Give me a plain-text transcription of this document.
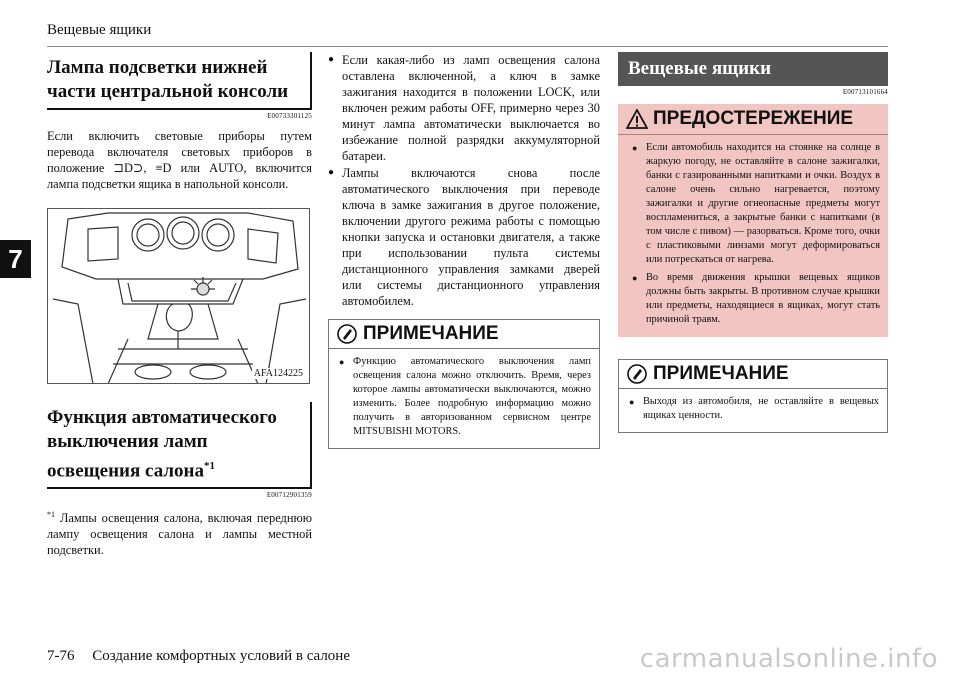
Вещевые ящики
7
Лампа подсветки нижней части центральной консоли
E00733301125

Если включить световые приборы путем перевода включателя световых приборов в положение ⊐D⊃, ≡D или AUTO, включится лампа подсветки ящика в напольной консоли.

AFA124225
Функция автоматического выключения ламп освещения салона$^{*1}$
E00712901359

$^{*1}$ Лампы освещения салона, включая переднюю лампу освещения салона и лампы местной подсветки.

● Если какая-либо из ламп освещения салона оставлена включенной, а ключ в замке зажигания находится в положении LOCK, или включен режим работы OFF, примерно через 30 минут лампа автоматически выключается во избежание полной разрядки аккумуляторной батареи.
● Лампы включаются снова после автоматического выключения при переводе ключа в замке зажигания в другое положение, включении другого режима работы с помощью кнопки запуска и остановки двигателя, а также при использовании пульта системы дистанционного управления замками дверей или системы дистанционного управления автомобилем.
ПРИМЕЧАНИЕ
● Функцию автоматического выключения ламп освещения салона можно отключить. Время, через которое лампы автоматически выключаются, можно изменить. Более подробную информацию можно получить в авторизованном сервисном центре MITSUBISHI MOTORS.
Вещевые ящики
E00713101664
ПРЕДОСТЕРЕЖЕНИЕ
● Если автомобиль находится на стоянке на солнце в жаркую погоду, не оставляйте в салоне зажигалки, банки с газированными напитками и очки. Воздух в салоне очень сильно нагревается, поэтому зажигалки и другие огнеопасные предметы могут воспламениться, а закрытые банки с напитками (в том числе с пивом) — разорваться. Кроме того, очки с пластиковыми линзами могут деформироваться или потрескаться от нагрева.
● Во время движения крышки вещевых ящиков должны быть закрыты. В противном случае крышки или предметы, находящиеся в ящиках, могут стать причиной травм.
ПРИМЕЧАНИЕ
● Выходя из автомобиля, не оставляйте в вещевых ящиках ценности.
7-76 Создание комфортных условий в салоне	carmanualsonline.info
